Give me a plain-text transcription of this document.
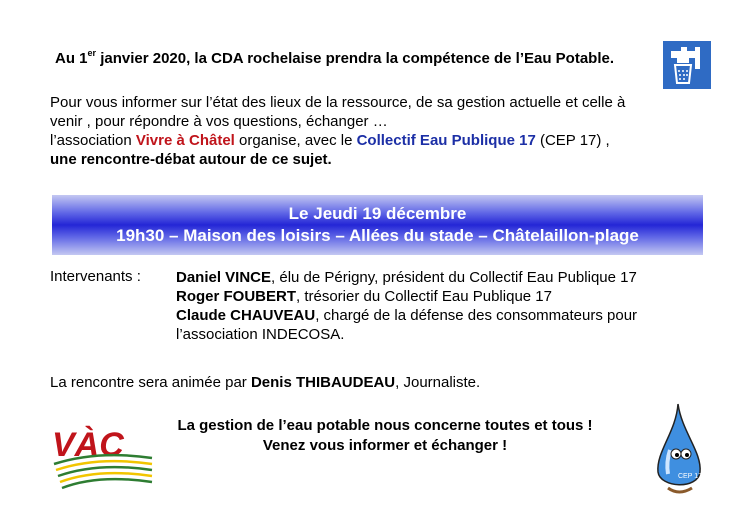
Au 1er janvier 2020, la CDA rochelaise prendra la compétence de l’Eau Potable.
Pour vous informer sur l’état des lieux de la ressource, de sa gestion actuelle et celle à
venir , pour répondre à vos questions, échanger …
l’association Vivre à Châtel organise, avec le Collectif Eau Publique 17 (CEP 17) ,
une rencontre-débat autour de ce sujet.
Le Jeudi 19 décembre
19h30 – Maison des loisirs – Allées du stade – Châtelaillon-plage
Intervenants : Daniel VINCE, élu de Périgny, président du Collectif Eau Publique 17
Roger FOUBERT, trésorier du Collectif Eau Publique 17
Claude CHAUVEAU, chargé de la défense des consommateurs pour
l’association INDECOSA.
La rencontre sera animée par Denis THIBAUDEAU, Journaliste.
La gestion de l’eau potable nous concerne toutes et tous !
Venez vous informer et échanger !
VÀC
CEP 17
